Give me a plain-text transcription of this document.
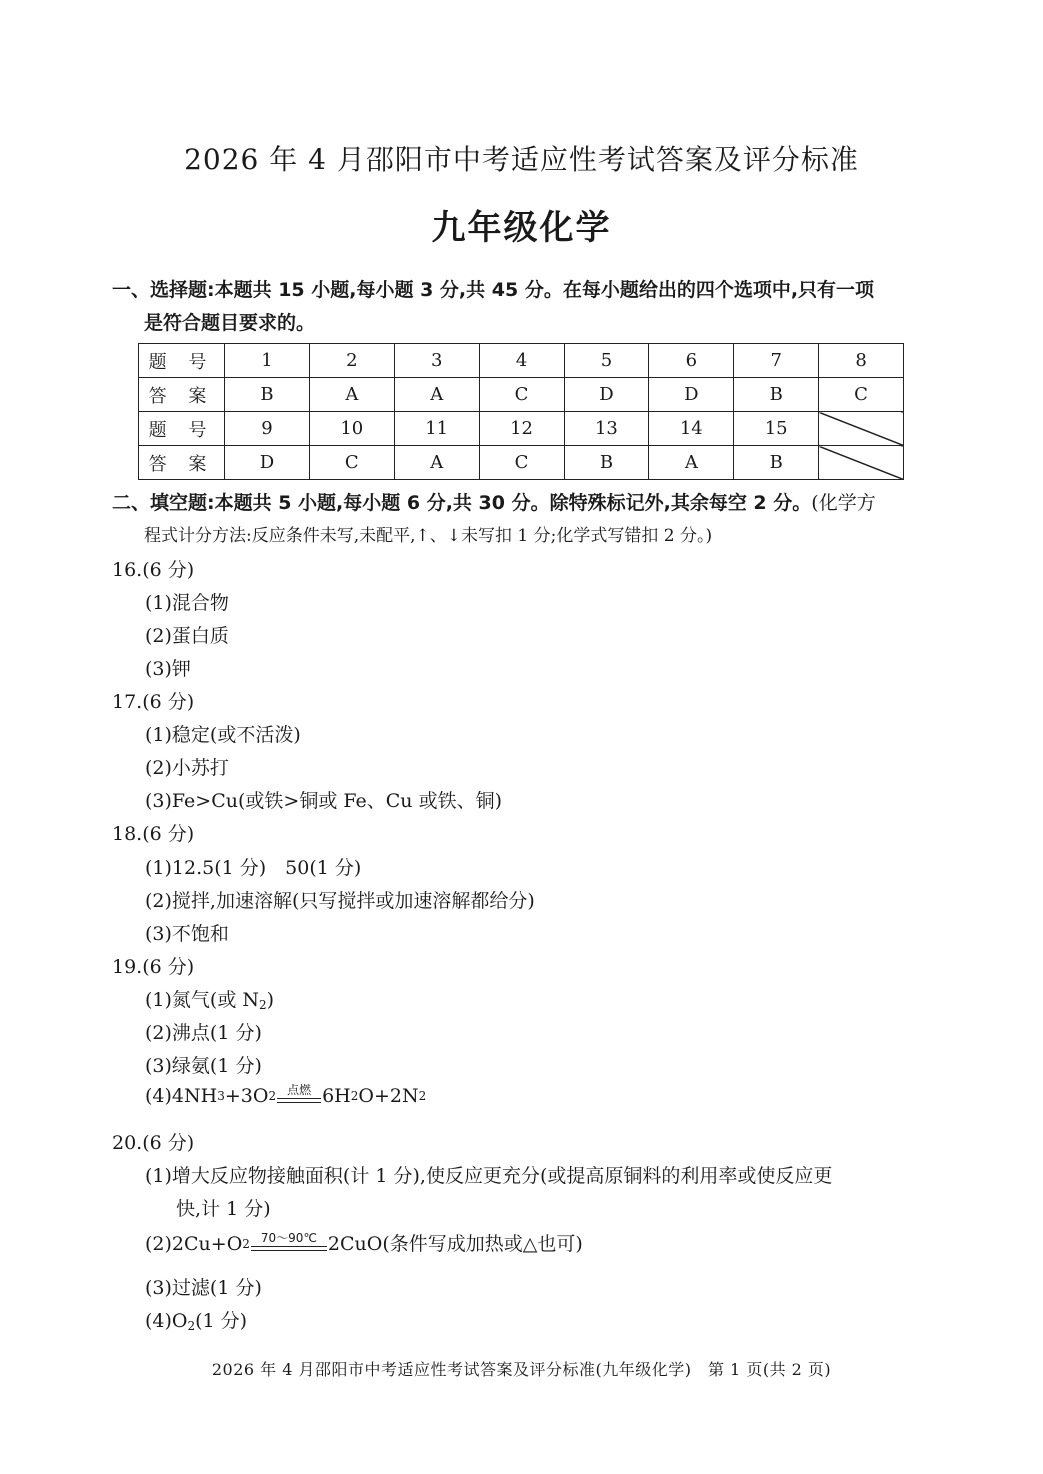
2026 年 4 月邵阳市中考适应性考试答案及评分标准
九年级化学
一、选择题:本题共 15 小题,每小题 3 分,共 45 分。在每小题给出的四个选项中,只有一项
是符合题目要求的。
题 号	1	2	3	4	5	6	7	8
答 案	B	A	A	C	D	D	B	C
题 号	9	10	11	12	13	14	15	
答 案	D	C	A	C	B	A	B	
二、填空题:本题共 5 小题,每小题 6 分,共 30 分。除特殊标记外,其余每空 2 分。(化学方
程式计分方法:反应条件未写,未配平,↑、↓未写扣 1 分;化学式写错扣 2 分。)
16.(6 分)
(1)混合物
(2)蛋白质
(3)钾
17.(6 分)
(1)稳定(或不活泼)
(2)小苏打
(3)Fe>Cu(或铁>铜或 Fe、Cu 或铁、铜)
18.(6 分)
(1)12.5(1 分)　50(1 分)
(2)搅拌,加速溶解(只写搅拌或加速溶解都给分)
(3)不饱和
19.(6 分)
(1)氮气(或 $N_2$)
(2)沸点(1 分)
(3)绿氨(1 分)
(4)4NH 3 +3O 2 点燃 6H 2 O+2N 2
20.(6 分)
(1)增大反应物接触面积(计 1 分),使反应更充分(或提高原铜料的利用率或使反应更
快,计 1 分)
(2)2Cu+O 2 70～90℃ 2CuO(条件写成加热或△也可)
(3)过滤(1 分)
$(4)O_2(1$ 分)
2026 年 4 月邵阳市中考适应性考试答案及评分标准(九年级化学)　第 1 页(共 2 页)
